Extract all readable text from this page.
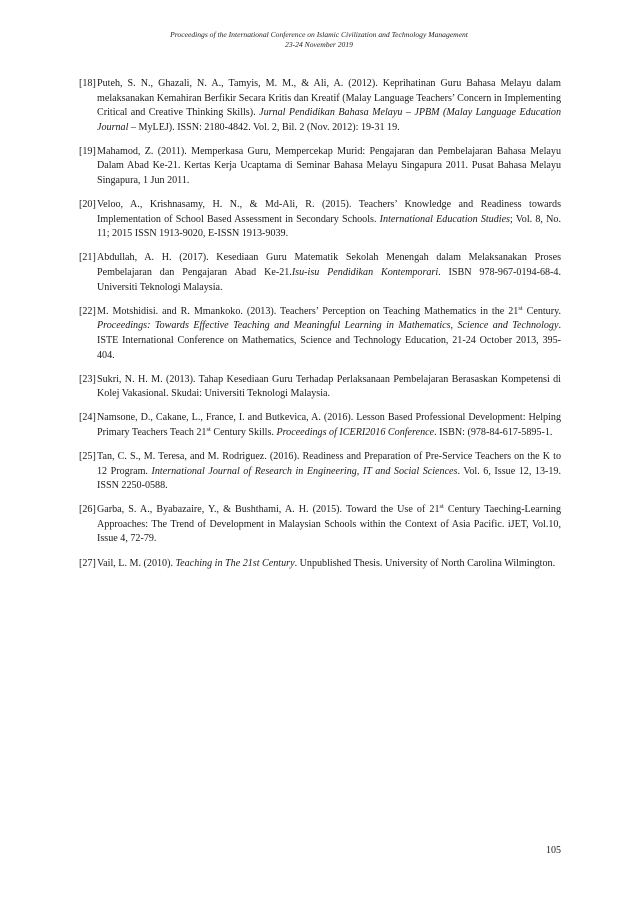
Proceedings of the International Conference on Islamic Civilization and Technology Management
23-24 November 2019
[18] Puteh, S. N., Ghazali, N. A., Tamyis, M. M., & Ali, A. (2012). Keprihatinan Guru Bahasa Melayu dalam melaksanakan Kemahiran Berfikir Secara Kritis dan Kreatif (Malay Language Teachers’ Concern in Implementing Critical and Creative Thinking Skills). Jurnal Pendidikan Bahasa Melayu – JPBM (Malay Language Education Journal – MyLEJ). ISSN: 2180-4842. Vol. 2, Bil. 2 (Nov. 2012): 19-31 19.
[19] Mahamod, Z. (2011). Memperkasa Guru, Mempercekap Murid: Pengajaran dan Pembelajaran Bahasa Melayu Dalam Abad Ke-21. Kertas Kerja Ucaptama di Seminar Bahasa Melayu Singapura 2011. Pusat Bahasa Melayu Singapura, 1 Jun 2011.
[20] Veloo, A., Krishnasamy, H. N., & Md-Ali, R. (2015). Teachers’ Knowledge and Readiness towards Implementation of School Based Assessment in Secondary Schools. International Education Studies; Vol. 8, No. 11; 2015 ISSN 1913-9020, E-ISSN 1913-9039.
[21] Abdullah, A. H. (2017). Kesediaan Guru Matematik Sekolah Menengah dalam Melaksanakan Proses Pembelajaran dan Pengajaran Abad Ke-21.Isu-isu Pendidikan Kontemporari. ISBN 978-967-0194-68-4. Universiti Teknologi Malaysia.
[22] M. Motshidisi. and R. Mmankoko. (2013). Teachers’ Perception on Teaching Mathematics in the 21st Century. Proceedings: Towards Effective Teaching and Meaningful Learning in Mathematics, Science and Technology. ISTE International Conference on Mathematics, Science and Technology Education, 21-24 October 2013, 395-404.
[23] Sukri, N. H. M. (2013). Tahap Kesediaan Guru Terhadap Perlaksanaan Pembelajaran Berasaskan Kompetensi di Kolej Vakasional. Skudai: Universiti Teknologi Malaysia.
[24] Namsone, D., Cakane, L., France, I. and Butkevica, A. (2016). Lesson Based Professional Development: Helping Primary Teachers Teach 21st Century Skills. Proceedings of ICERI2016 Conference. ISBN: (978-84-617-5895-1.
[25] Tan, C. S., M. Teresa, and M. Rodriguez. (2016). Readiness and Preparation of Pre-Service Teachers on the K to 12 Program. International Journal of Research in Engineering, IT and Social Sciences. Vol. 6, Issue 12, 13-19. ISSN 2250-0588.
[26] Garba, S. A., Byabazaire, Y., & Bushthami, A. H. (2015). Toward the Use of 21st Century Taeching-Learning Approaches: The Trend of Development in Malaysian Schools within the Context of Asia Pacific. iJET, Vol.10, Issue 4, 72-79.
[27] Vail, L. M. (2010). Teaching in The 21st Century. Unpublished Thesis. University of North Carolina Wilmington.
105
